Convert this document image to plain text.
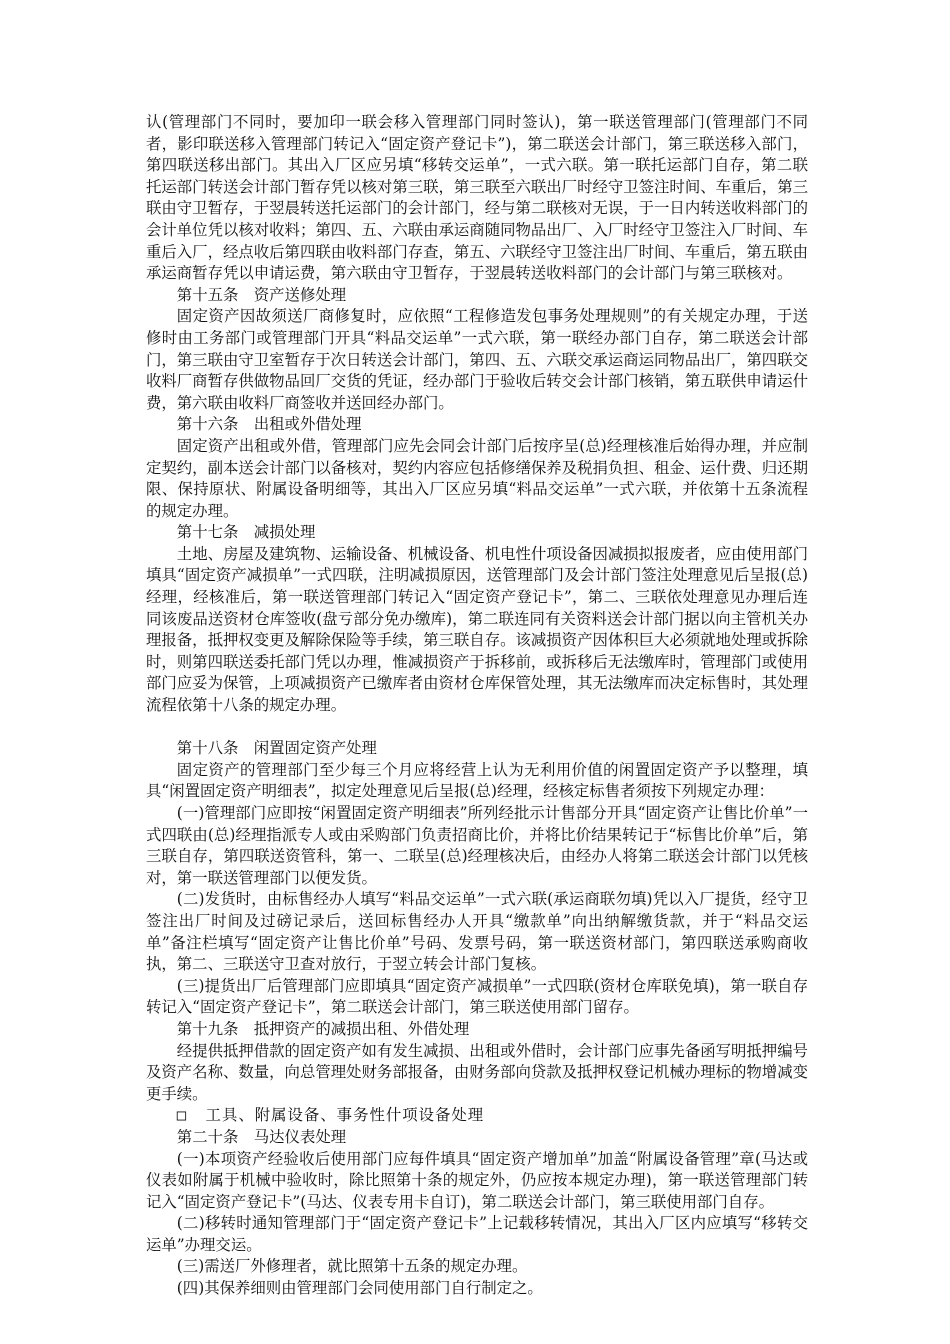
认(管理部门不同时，要加印一联会移入管理部门同时签认)，第一联送管理部门(管理部门不同者，影印联送移入管理部门转记入“固定资产登记卡”)，第二联送会计部门，第三联送移入部门，第四联送移出部门。其出入厂区应另填“移转交运单”，一式六联。第一联托运部门自存，第二联托运部门转送会计部门暂存凭以核对第三联，第三联至六联出厂时经守卫签注时间、车重后，第三联由守卫暂存，于翌晨转送托运部门的会计部门，经与第二联核对无误，于一日内转送收料部门的会计单位凭以核对收料；第四、五、六联由承运商随同物品出厂、入厂时经守卫签注入厂时间、车重后入厂，经点收后第四联由收料部门存查，第五、六联经守卫签注出厂时间、车重后，第五联由承运商暂存凭以申请运费，第六联由守卫暂存，于翌晨转送收料部门的会计部门与第三联核对。

第十五条 资产送修处理

固定资产因故须送厂商修复时，应依照“工程修造发包事务处理规则”的有关规定办理，于送修时由工务部门或管理部门开具“料品交运单”一式六联，第一联经办部门自存，第二联送会计部门，第三联由守卫室暂存于次日转送会计部门，第四、五、六联交承运商运同物品出厂，第四联交收料厂商暂存供做物品回厂交货的凭证，经办部门于验收后转交会计部门核销，第五联供申请运什费，第六联由收料厂商签收并送回经办部门。

第十六条 出租或外借处理

固定资产出租或外借，管理部门应先会同会计部门后按序呈(总)经理核准后始得办理，并应制定契约，副本送会计部门以备核对，契约内容应包括修缮保养及税捐负担、租金、运什费、归还期限、保持原状、附属设备明细等，其出入厂区应另填“料品交运单”一式六联，并依第十五条流程的规定办理。

第十七条 减损处理

土地、房屋及建筑物、运输设备、机械设备、机电性什项设备因减损拟报废者，应由使用部门填具“固定资产减损单”一式四联，注明减损原因，送管理部门及会计部门签注处理意见后呈报(总)经理，经核准后，第一联送管理部门转记入“固定资产登记卡”，第二、三联依处理意见办理后连同该废品送资材仓库签收(盘亏部分免办缴库)，第二联连同有关资料送会计部门据以向主管机关办理报备，抵押权变更及解除保险等手续，第三联自存。该减损资产因体积巨大必须就地处理或拆除时，则第四联送委托部门凭以办理，惟减损资产于拆移前，或拆移后无法缴库时，管理部门或使用部门应妥为保管，上项减损资产已缴库者由资材仓库保管处理，其无法缴库而决定标售时，其处理流程依第十八条的规定办理。

第十八条 闲置固定资产处理

固定资产的管理部门至少每三个月应将经营上认为无利用价值的闲置固定资产予以整理，填具“闲置固定资产明细表”，拟定处理意见后呈报(总)经理，经核定标售者须按下列规定办理：

(一)管理部门应即按“闲置固定资产明细表”所列经批示计售部分开具“固定资产让售比价单”一式四联由(总)经理指派专人或由采购部门负责招商比价，并将比价结果转记于“标售比价单”后，第三联自存，第四联送资管科，第一、二联呈(总)经理核决后，由经办人将第二联送会计部门以凭核对，第一联送管理部门以便发货。

(二)发货时，由标售经办人填写“料品交运单”一式六联(承运商联勿填)凭以入厂提货，经守卫签注出厂时间及过磅记录后，送回标售经办人开具“缴款单”向出纳解缴货款，并于“料品交运单”备注栏填写“固定资产让售比价单”号码、发票号码，第一联送资材部门，第四联送承购商收执，第二、三联送守卫查对放行，于翌立转会计部门复核。

(三)提货出厂后管理部门应即填具“固定资产减损单”一式四联(资材仓库联免填)，第一联自存转记入“固定资产登记卡”，第二联送会计部门，第三联送使用部门留存。

第十九条 抵押资产的减损出租、外借处理

经提供抵押借款的固定资产如有发生减损、出租或外借时，会计部门应事先备函写明抵押编号及资产名称、数量，向总管理处财务部报备，由财务部向贷款及抵押权登记机械办理标的物增减变更手续。

□ 工具、附属设备、事务性什项设备处理

第二十条 马达仪表处理

(一)本项资产经验收后使用部门应每件填具“固定资产增加单”加盖“附属设备管理”章(马达或仪表如附属于机械中验收时，除比照第十条的规定外，仍应按本规定办理)，第一联送管理部门转记入“固定资产登记卡”(马达、仪表专用卡自订)，第二联送会计部门，第三联使用部门自存。

(二)移转时通知管理部门于“固定资产登记卡”上记载移转情况，其出入厂区内应填写“移转交运单”办理交运。

(三)需送厂外修理者，就比照第十五条的规定办理。

(四)其保养细则由管理部门会同使用部门自行制定之。
